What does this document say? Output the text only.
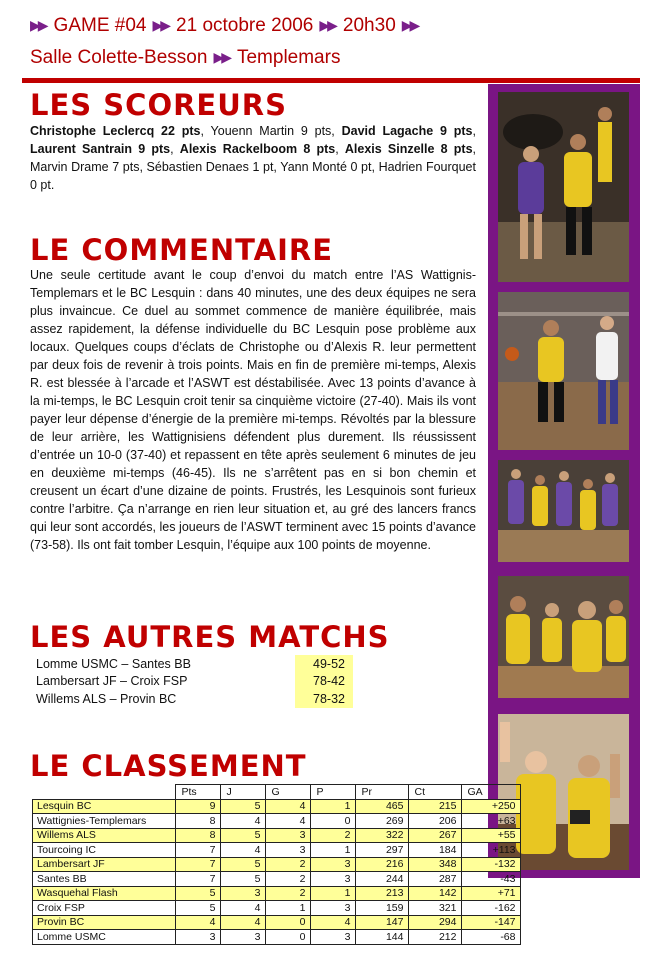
▶▶ GAME #04 ▶▶ 21 octobre 2006 ▶▶ 20h30 ▶▶
Salle Colette-Besson ▶▶ Templemars
LES SCOREURS

Christophe Leclercq 22 pts, Youenn Martin 9 pts, David Lagache 9 pts, Laurent Santrain 9 pts, Alexis Rackelboom 8 pts, Alexis Sinzelle 8 pts, Marvin Drame 7 pts, Sébastien Denaes 1 pt, Yann Monté 0 pt, Hadrien Fourquet 0 pt.

LE COMMENTAIRE

Une seule certitude avant le coup d’envoi du match entre l’AS Wattignis-Templemars et le BC Lesquin : dans 40 minutes, une des deux équipes ne sera plus invaincue. Ce duel au sommet commence de manière équilibrée, mais assez rapidement, la défense individuelle du BC Lesquin pose problème aux locaux. Quelques coups d’éclats de Christophe ou d’Alexis R. leur permettent par deux fois de revenir à trois points. Mais en fin de première mi-temps, Alexis R. est blessée à l’arcade et l’ASWT est déstabilisée. Avec 13 points d’avance à la mi-temps, le BC Lesquin croit tenir sa cinquième victoire (27-40). Mais ils vont payer leur dépense d’énergie de la première mi-temps. Révoltés par la blessure de leur arrière, les Wattignisiens défendent plus durement. Ils réussissent d’entrée un 10-0 (37-40) et repassent en tête après seulement 6 minutes de jeu en deuxième mi-temps (46-45). Ils ne s’arrêtent pas en si bon chemin et creusent un écart d’une dizaine de points. Frustrés, les Lesquinois sont furieux contre l’arbitre. Ça n’arrange en rien leur situation et, au gré des lancers francs qui leur sont accordés, les joueurs de l’ASWT terminent avec 15 points d’avance (73-58). Ils ont fait tomber Lesquin, l’équipe aux 100 points de moyenne.

LES AUTRES MATCHS
Lomme USMC – Santes BB	49-52
Lambersart JF – Croix FSP	78-42
Willems ALS – Provin BC	78-32
LE CLASSEMENT
	Pts	J	G	P	Pr	Ct	GA
Lesquin BC	9	5	4	1	465	215	+250
Wattignies-Templemars	8	4	4	0	269	206	+63
Willems ALS	8	5	3	2	322	267	+55
Tourcoing IC	7	4	3	1	297	184	+113
Lambersart JF	7	5	2	3	216	348	-132
Santes BB	7	5	2	3	244	287	-43
Wasquehal Flash	5	3	2	1	213	142	+71
Croix FSP	5	4	1	3	159	321	-162
Provin BC	4	4	0	4	147	294	-147
Lomme USMC	3	3	0	3	144	212	-68
